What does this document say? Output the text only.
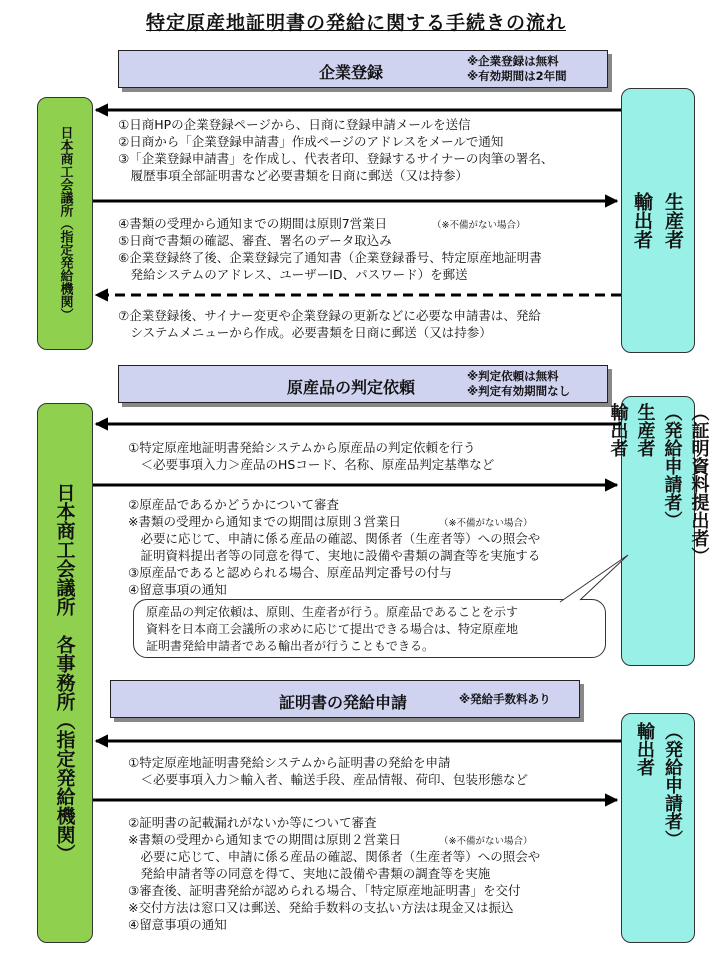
特定原産地証明書の発給に関する手続きの流れ
企業登録
※企業登録は無料
※有効期間は2年間
日本商工会議所（指定発給機関）	輸出者 生産者
①日商HPの企業登録ページから、日商に登録申請メールを送信
②日商から「企業登録申請書」作成ページのアドレスをメールで通知
③「企業登録申請書」を作成し、代表者印、登録するサイナーの肉筆の署名、
　履歴事項全部証明書など必要書類を日商に郵送（又は持参）
④書類の受理から通知までの期間は原則7営業日	（※不備がない場合）
⑤日商で書類の確認、審査、署名のデータ取込み
⑥企業登録終了後、企業登録完了通知書（企業登録番号、特定原産地証明書
　発給システムのアドレス、ユーザーID、パスワード）を郵送
⑦企業登録後、サイナー変更や企業登録の更新などに必要な申請書は、発給
　システムメニューから作成。必要書類を日商に郵送（又は持参）
原産品の判定依頼
※判定依頼は無料
※判定有効期間なし
日本商工会議所　各事務所（指定発給機関）
輸出者 生産者 （発給申請者） （証明資料提出者）
①特定原産地証明書発給システムから原産品の判定依頼を行う
　＜必要事項入力＞産品のHSコード、名称、原産品判定基準など
②原産品であるかどうかについて審査
※書類の受理から通知までの期間は原則３営業日	（※不備がない場合）
　必要に応じて、申請に係る産品の確認、関係者（生産者等）への照会や
　証明資料提出者等の同意を得て、実地に設備や書類の調査等を実施する
③原産品であると認められる場合、原産品判定番号の付与
④留意事項の通知
原産品の判定依頼は、原則、生産者が行う。原産品であることを示す
資料を日本商工会議所の求めに応じて提出できる場合は、特定原産地
証明書発給申請者である輸出者が行うこともできる。
証明書の発給申請	※発給手数料あり
輸出者 （発給申請者）
①特定原産地証明書発給システムから証明書の発給を申請
　＜必要事項入力＞輸入者、輸送手段、産品情報、荷印、包装形態など
②証明書の記載漏れがないか等について審査
※書類の受理から通知までの期間は原則２営業日	（※不備がない場合）
　必要に応じて、申請に係る産品の確認、関係者（生産者等）への照会や
　発給申請者等の同意を得て、実地に設備や書類の調査等を実施
③審査後、証明書発給が認められる場合、「特定原産地証明書」を交付
※交付方法は窓口又は郵送、発給手数料の支払い方法は現金又は振込
④留意事項の通知
